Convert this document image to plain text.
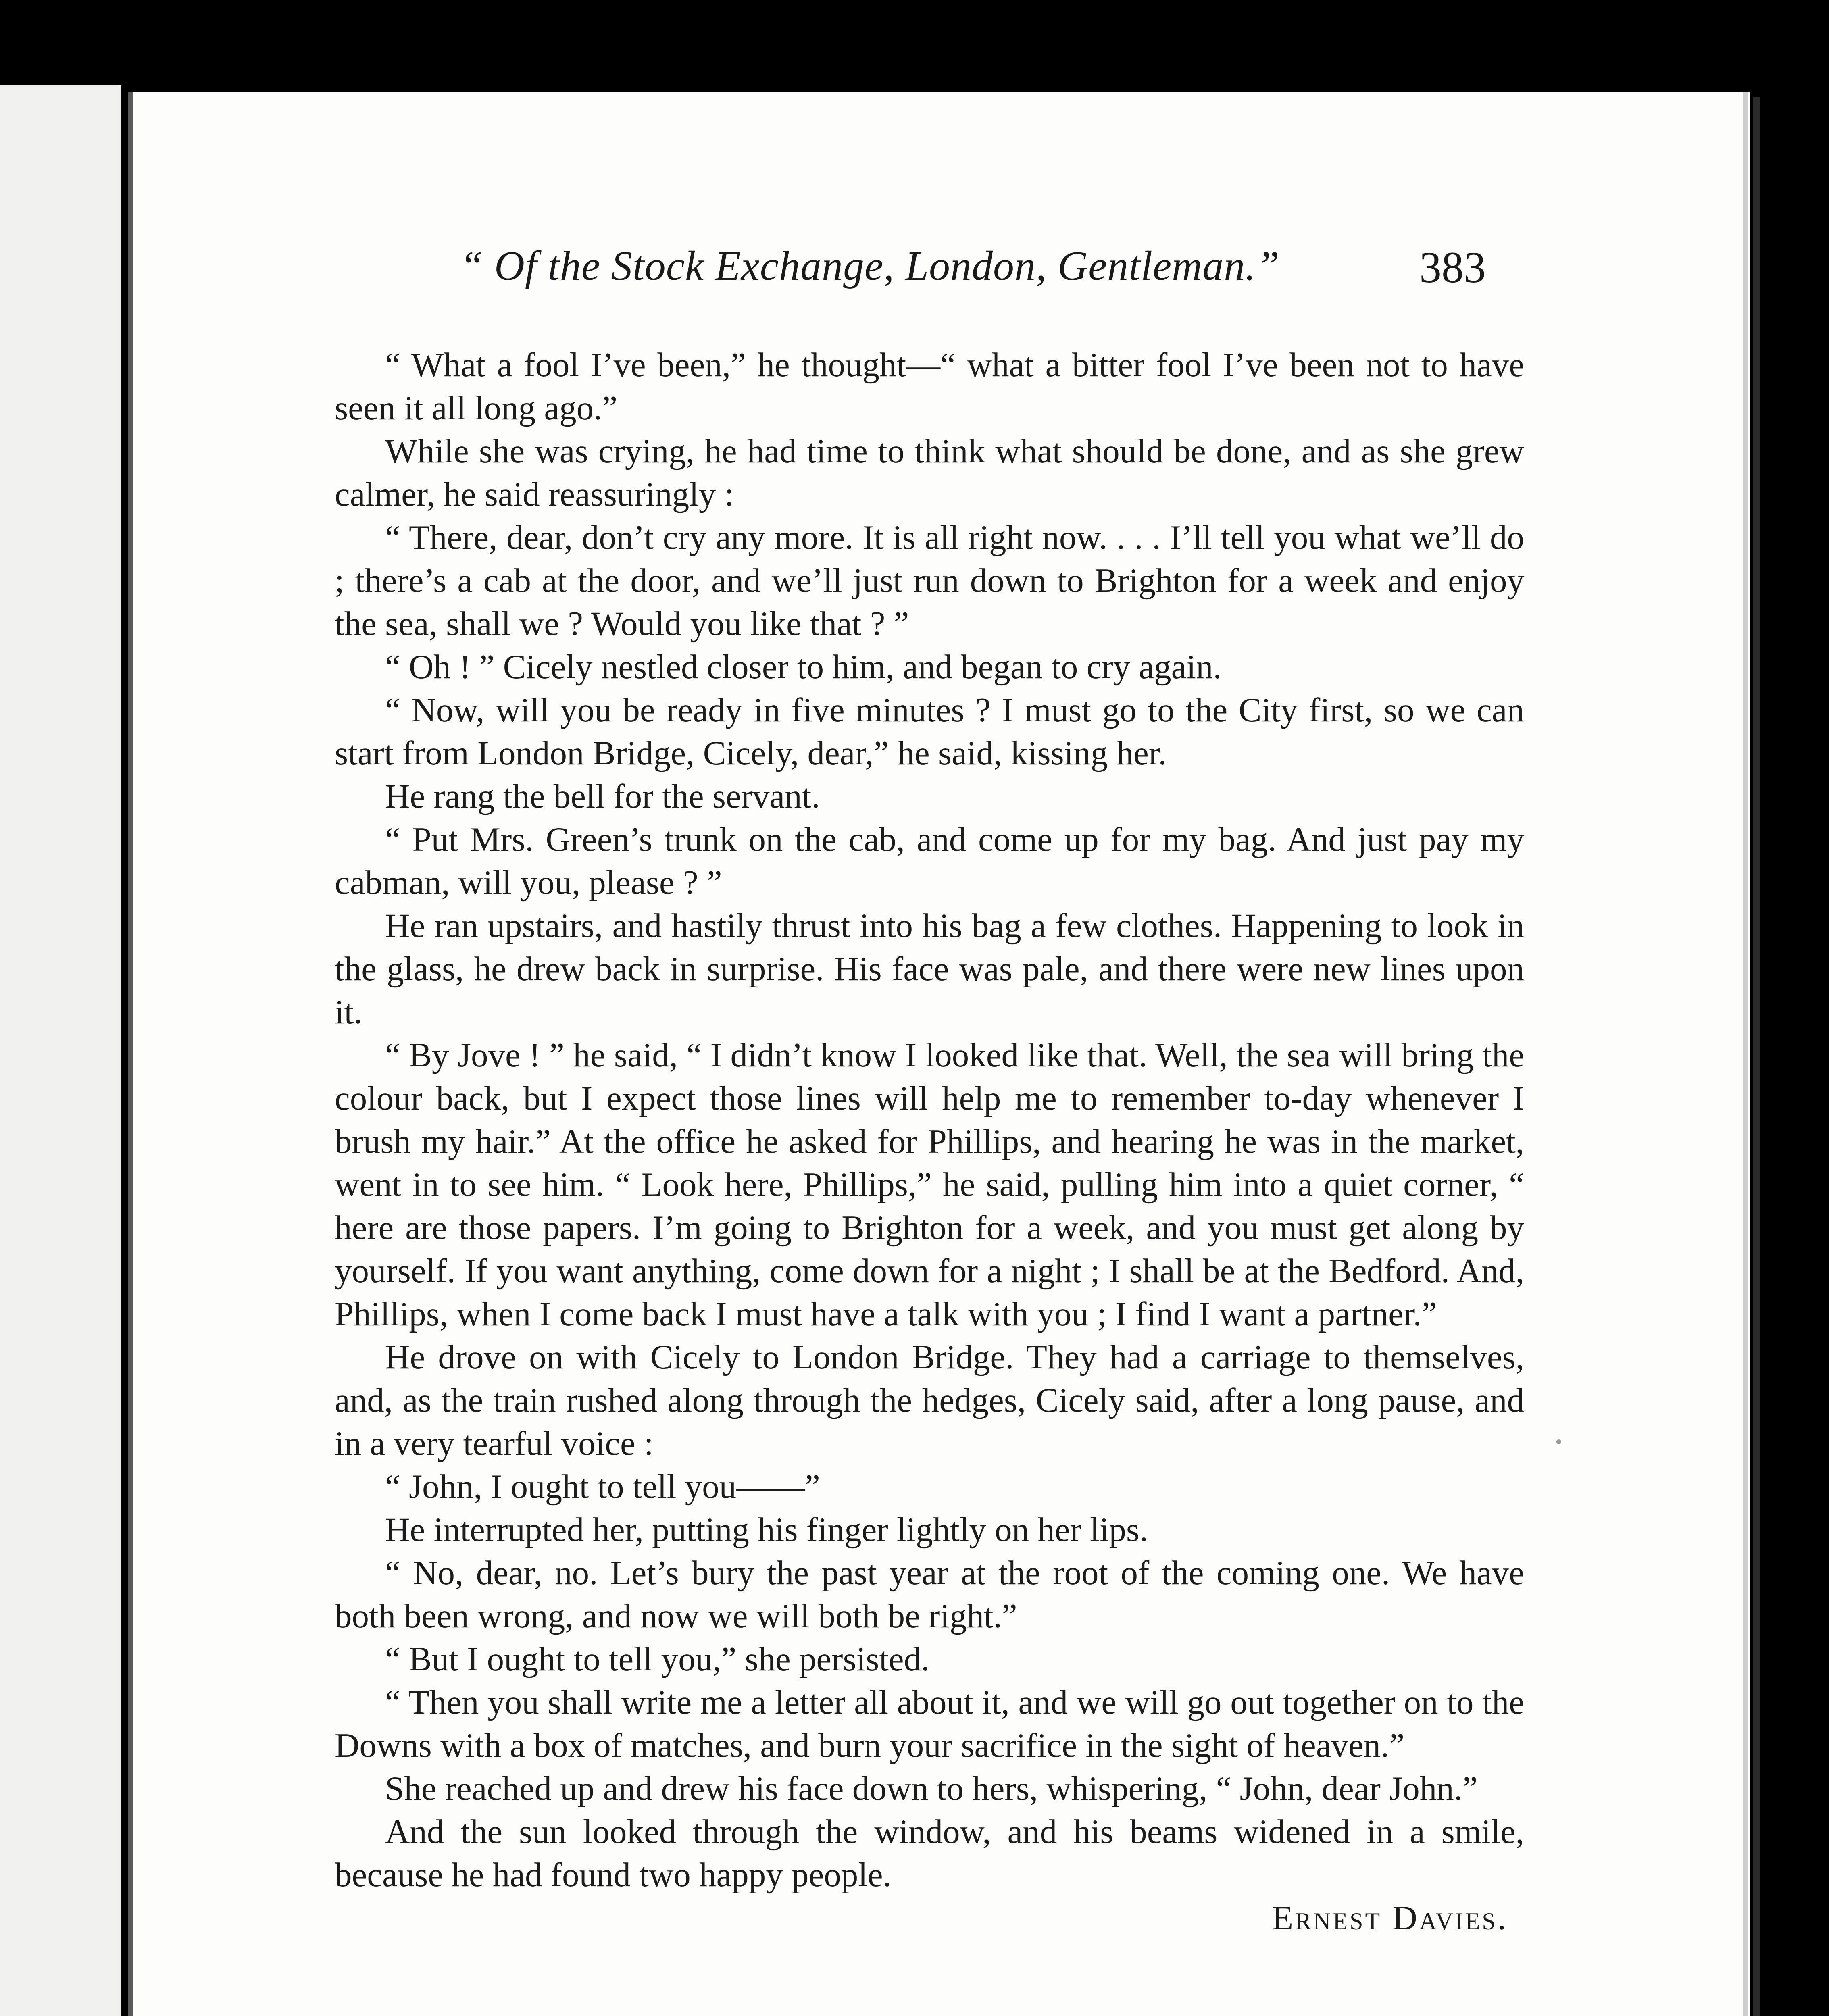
“ Of the Stock Exchange, London, Gentleman.”	383

“ What a fool I’ve been,” he thought—“ what a bitter fool I’ve been not to have seen it all long ago.”

While she was crying, he had time to think what should be done, and as she grew calmer, he said reassuringly :

“ There, dear, don’t cry any more. It is all right now. . . . I’ll tell you what we’ll do ; there’s a cab at the door, and we’ll just run down to Brighton for a week and enjoy the sea, shall we ? Would you like that ? ”

“ Oh ! ” Cicely nestled closer to him, and began to cry again.

“ Now, will you be ready in five minutes ? I must go to the City first, so we can start from London Bridge, Cicely, dear,” he said, kissing her.

He rang the bell for the servant.

“ Put Mrs. Green’s trunk on the cab, and come up for my bag. And just pay my cabman, will you, please ? ”

He ran upstairs, and hastily thrust into his bag a few clothes. Happening to look in the glass, he drew back in surprise. His face was pale, and there were new lines upon it.

“ By Jove ! ” he said, “ I didn’t know I looked like that. Well, the sea will bring the colour back, but I expect those lines will help me to remember to-day whenever I brush my hair.” At the office he asked for Phillips, and hearing he was in the market, went in to see him. “ Look here, Phillips,” he said, pulling him into a quiet corner, “ here are those papers. I’m going to Brighton for a week, and you must get along by yourself. If you want anything, come down for a night ; I shall be at the Bedford. And, Phillips, when I come back I must have a talk with you ; I find I want a partner.”

He drove on with Cicely to London Bridge. They had a carriage to themselves, and, as the train rushed along through the hedges, Cicely said, after a long pause, and in a very tearful voice :

“ John, I ought to tell you——”

He interrupted her, putting his finger lightly on her lips.

“ No, dear, no. Let’s bury the past year at the root of the coming one. We have both been wrong, and now we will both be right.”

“ But I ought to tell you,” she persisted.

“ Then you shall write me a letter all about it, and we will go out together on to the Downs with a box of matches, and burn your sacrifice in the sight of heaven.”

She reached up and drew his face down to hers, whispering, “ John, dear John.”

And the sun looked through the window, and his beams widened in a smile, because he had found two happy people.

Ernest Davies.
